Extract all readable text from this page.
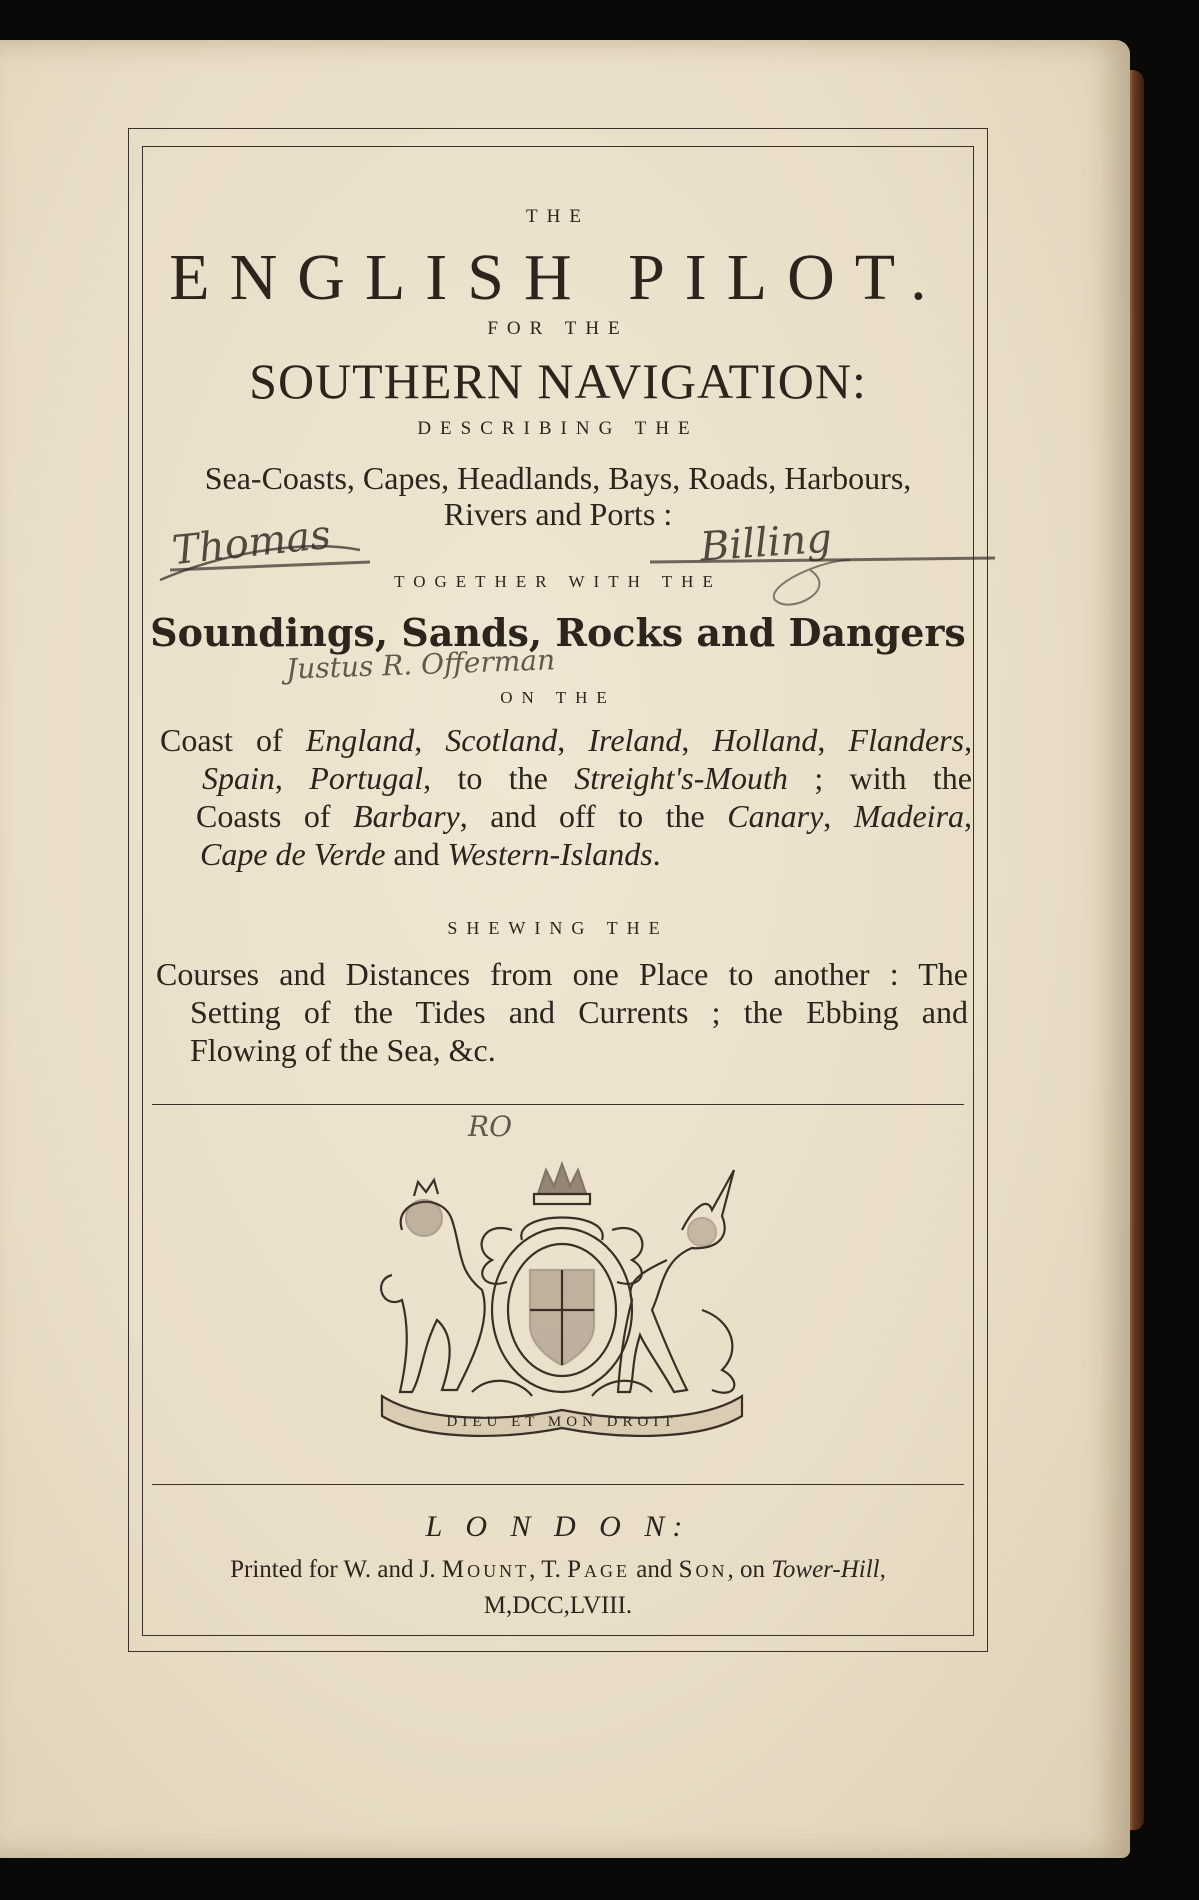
THE

ENGLISH PILOT.

FOR THE

SOUTHERN NAVIGATION:

DESCRIBING THE

Sea-Coasts, Capes, Headlands, Bays, Roads, Harbours,

Rivers and Ports :

TOGETHER WITH THE

Soundings, Sands, Rocks and Dangers

ON THE

Coast of England, Scotland, Ireland, Holland, Flanders,

Spain, Portugal, to the Streight's-Mouth ; with the

Coasts of Barbary, and off to the Canary, Madeira,

Cape de Verde and Western-Islands.

SHEWING THE

Courses and Distances from one Place to another : The

Setting of the Tides and Currents ; the Ebbing and

Flowing of the Sea, &c.

RO

DIEU ET MON DROIT

L O N D O N:

Printed for W. and J. Mount, T. Page and Son, on Tower-Hill,

M,DCC,LVIII.

Thomas	Billing

Justus R. Offerman
